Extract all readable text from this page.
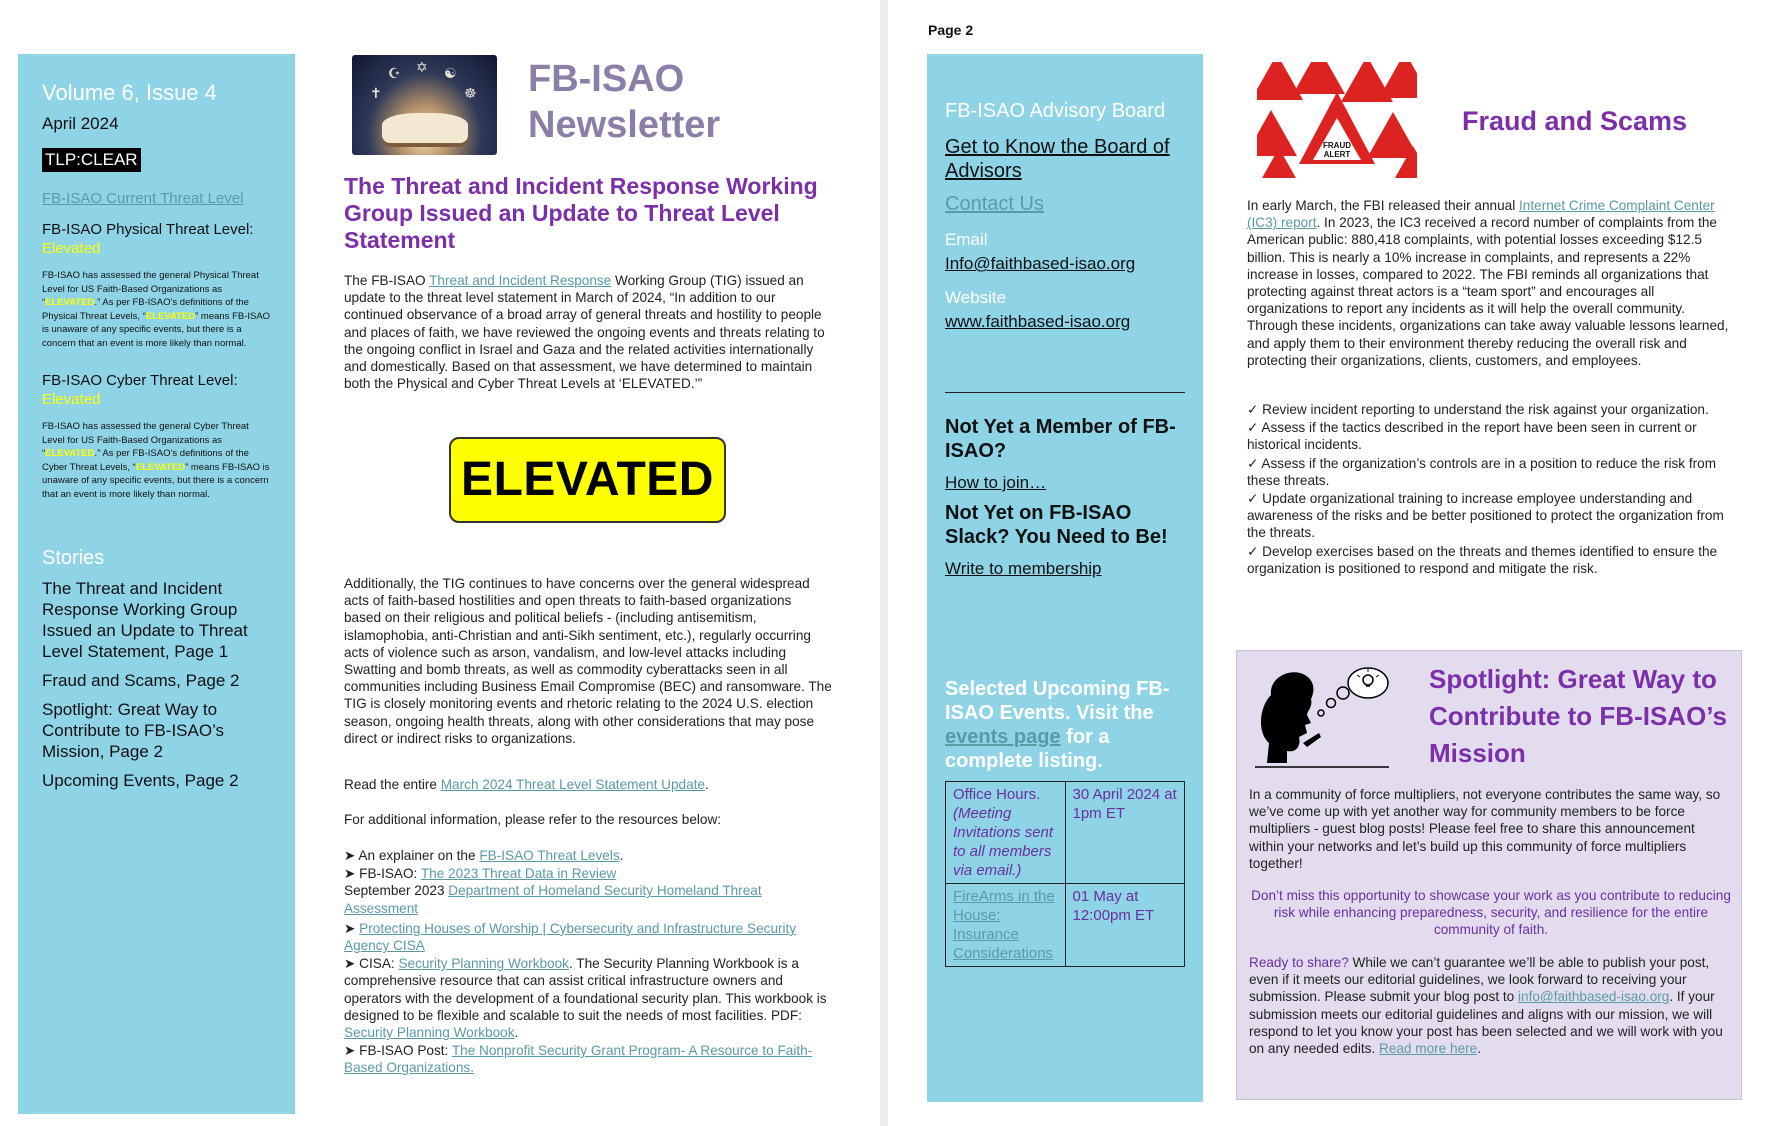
Volume 6, Issue 4
April 2024
TLP:CLEAR
FB-ISAO Current Threat Level
FB-ISAO Physical Threat Level:
Elevated
FB-ISAO has assessed the general Physical Threat Level for US Faith-Based Organizations as “ELEVATED.” As per FB-ISAO’s definitions of the Physical Threat Levels, “ELEVATED” means FB-ISAO is unaware of any specific events, but there is a concern that an event is more likely than normal.
FB-ISAO Cyber Threat Level:
Elevated
FB-ISAO has assessed the general Cyber Threat Level for US Faith-Based Organizations as “ELEVATED.” As per FB-ISAO’s definitions of the Cyber Threat Levels, “ELEVATED” means FB-ISAO is unaware of any specific events, but there is a concern that an event is more likely than normal.
Stories
The Threat and Incident Response Working Group Issued an Update to Threat Level Statement, Page 1
Fraud and Scams, Page 2
Spotlight: Great Way to Contribute to FB-ISAO’s Mission, Page 2
Upcoming Events, Page 2
☪ ✡ ☯
✝	☸ FB-ISAO
Newsletter
The Threat and Incident Response Working Group Issued an Update to Threat Level Statement
The FB-ISAO Threat and Incident Response Working Group (TIG) issued an update to the threat level statement in March of 2024, “In addition to our continued observance of a broad array of general threats and hostility to people and places of faith, we have reviewed the ongoing events and threats relating to the ongoing conflict in Israel and Gaza and the related activities internationally and domestically. Based on that assessment, we have determined to maintain both the Physical and Cyber Threat Levels at ‘ELEVATED.’”
ELEVATED
Additionally, the TIG continues to have concerns over the general widespread acts of faith-based hostilities and open threats to faith-based organizations based on their religious and political beliefs - (including antisemitism, islamophobia, anti-Christian and anti-Sikh sentiment, etc.), regularly occurring acts of violence such as arson, vandalism, and low-level attacks including Swatting and bomb threats, as well as commodity cyberattacks seen in all communities including Business Email Compromise (BEC) and ransomware. The TIG is closely monitoring events and rhetoric relating to the 2024 U.S. election season, ongoing health threats, along with other considerations that may pose direct or indirect risks to organizations.
Read the entire March 2024 Threat Level Statement Update.
For additional information, please refer to the resources below:
➤ An explainer on the FB-ISAO Threat Levels.
➤ FB-ISAO: The 2023 Threat Data in Review
September 2023 Department of Homeland Security Homeland Threat Assessment
➤ Protecting Houses of Worship | Cybersecurity and Infrastructure Security Agency CISA
➤ CISA: Security Planning Workbook. The Security Planning Workbook is a comprehensive resource that can assist critical infrastructure owners and operators with the development of a foundational security plan. This workbook is designed to be flexible and scalable to suit the needs of most facilities. PDF: Security Planning Workbook.
➤ FB-ISAO Post: The Nonprofit Security Grant Program- A Resource to Faith-Based Organizations.
Page 2
FB-ISAO Advisory Board
Get to Know the Board of Advisors
Contact Us
Email
Info@faithbased-isao.org
Website
www.faithbased-isao.org
Not Yet a Member of FB-ISAO?
How to join…
Not Yet on FB-ISAO Slack? You Need to Be!
Write to membership
Selected Upcoming FB-ISAO Events. Visit the events page for a complete listing.
Office Hours. (Meeting Invitations sent to all members via email.)	30 April 2024 at 1pm ET
FireArms in the House: Insurance Considerations	01 May at 12:00pm ET
FRAUD ALERT
Fraud and Scams
In early March, the FBI released their annual Internet Crime Complaint Center (IC3) report. In 2023, the IC3 received a record number of complaints from the American public: 880,418 complaints, with potential losses exceeding $12.5 billion. This is nearly a 10% increase in complaints, and represents a 22% increase in losses, compared to 2022. The FBI reminds all organizations that protecting against threat actors is a “team sport” and encourages all organizations to report any incidents as it will help the overall community. Through these incidents, organizations can take away valuable lessons learned, and apply them to their environment thereby reducing the overall risk and protecting their organizations, clients, customers, and employees.
✓ Review incident reporting to understand the risk against your organization.
✓ Assess if the tactics described in the report have been seen in current or historical incidents.
✓ Assess if the organization’s controls are in a position to reduce the risk from these threats.
✓ Update organizational training to increase employee understanding and awareness of the risks and be better positioned to protect the organization from the threats.
✓ Develop exercises based on the threats and themes identified to ensure the organization is positioned to respond and mitigate the risk.
Spotlight: Great Way to Contribute to FB-ISAO’s Mission
In a community of force multipliers, not everyone contributes the same way, so we’ve come up with yet another way for community members to be force multipliers - guest blog posts! Please feel free to share this announcement within your networks and let’s build up this community of force multipliers together!
Don’t miss this opportunity to showcase your work as you contribute to reducing risk while enhancing preparedness, security, and resilience for the entire community of faith.
Ready to share? While we can’t guarantee we’ll be able to publish your post, even if it meets our editorial guidelines, we look forward to receiving your submission. Please submit your blog post to info@faithbased-isao.org. If your submission meets our editorial guidelines and aligns with our mission, we will respond to let you know your post has been selected and we will work with you on any needed edits. Read more here.
